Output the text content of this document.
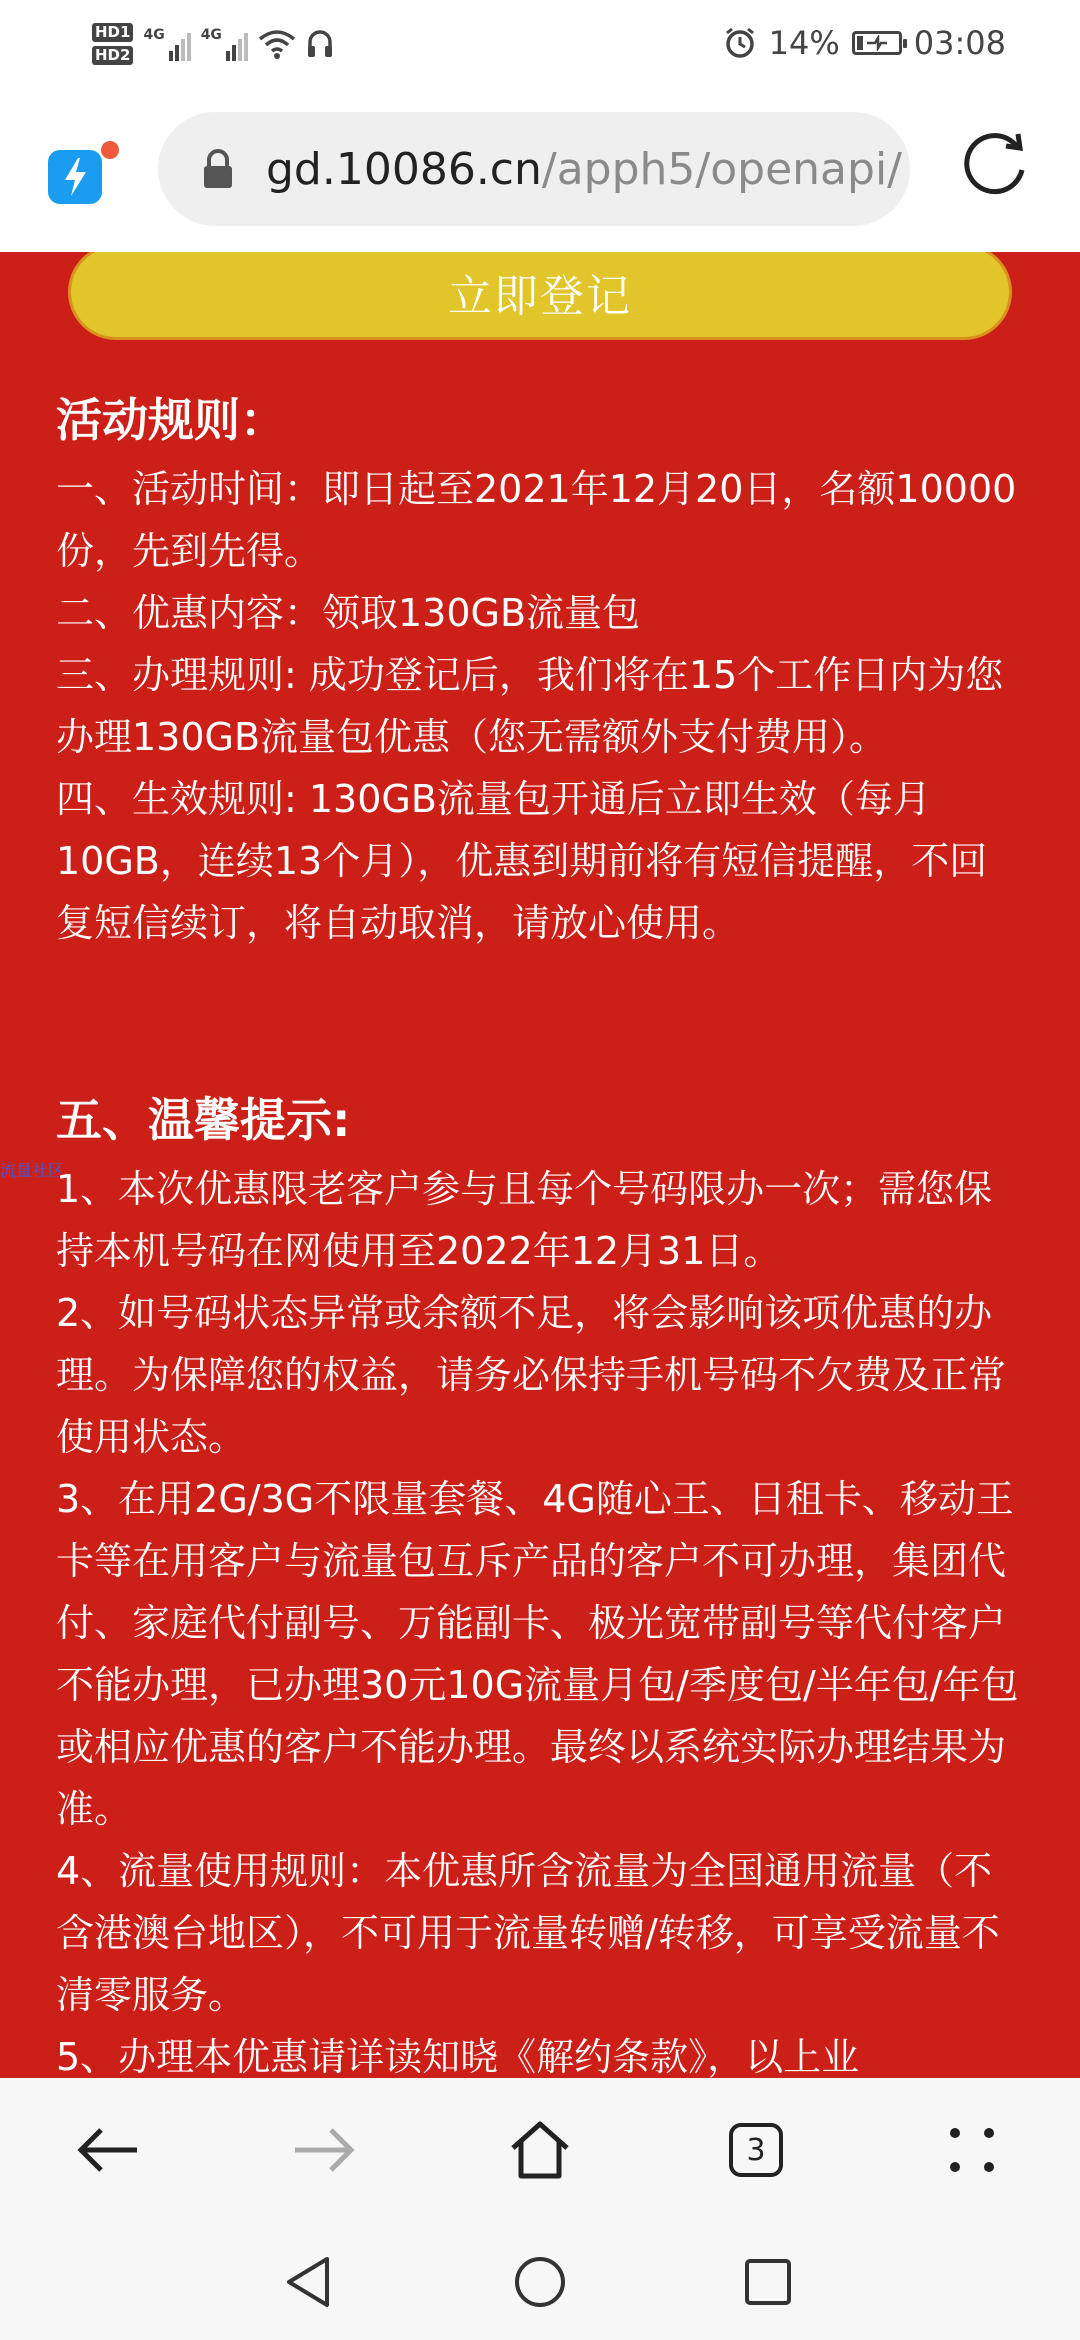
HD1
HD2
4G	4G	14% 03:08
gd.10086.cn/apph5/openapi/
立即登记
活动规则：

一、活动时间：即日起至2021年12月20日，名额10000份，先到先得。

二、优惠内容：领取130GB流量包

三、办理规则: 成功登记后，我们将在15个工作日内为您办理130GB流量包优惠（您无需额外支付费用）。

四、生效规则: 130GB流量包开通后立即生效（每月10GB，连续13个月），优惠到期前将有短信提醒，不回复短信续订，将自动取消，请放心使用。

流量社区
五、温馨提示:

1、本次优惠限老客户参与且每个号码限办一次；需您保持本机号码在网使用至2022年12月31日。

2、如号码状态异常或余额不足，将会影响该项优惠的办理。为保障您的权益，请务必保持手机号码不欠费及正常使用状态。

3、在用2G/3G不限量套餐、4G随心王、日租卡、移动王卡等在用客户与流量包互斥产品的客户不可办理，集团代付、家庭代付副号、万能副卡、极光宽带副号等代付客户不能办理，已办理30元10G流量月包/季度包/半年包/年包或相应优惠的客户不能办理。最终以系统实际办理结果为准。

4、流量使用规则：本优惠所含流量为全国通用流量（不含港澳台地区），不可用于流量转赠/转移，可享受流量不清零服务。

5、办理本优惠请详读知晓《解约条款》，以上业

3
